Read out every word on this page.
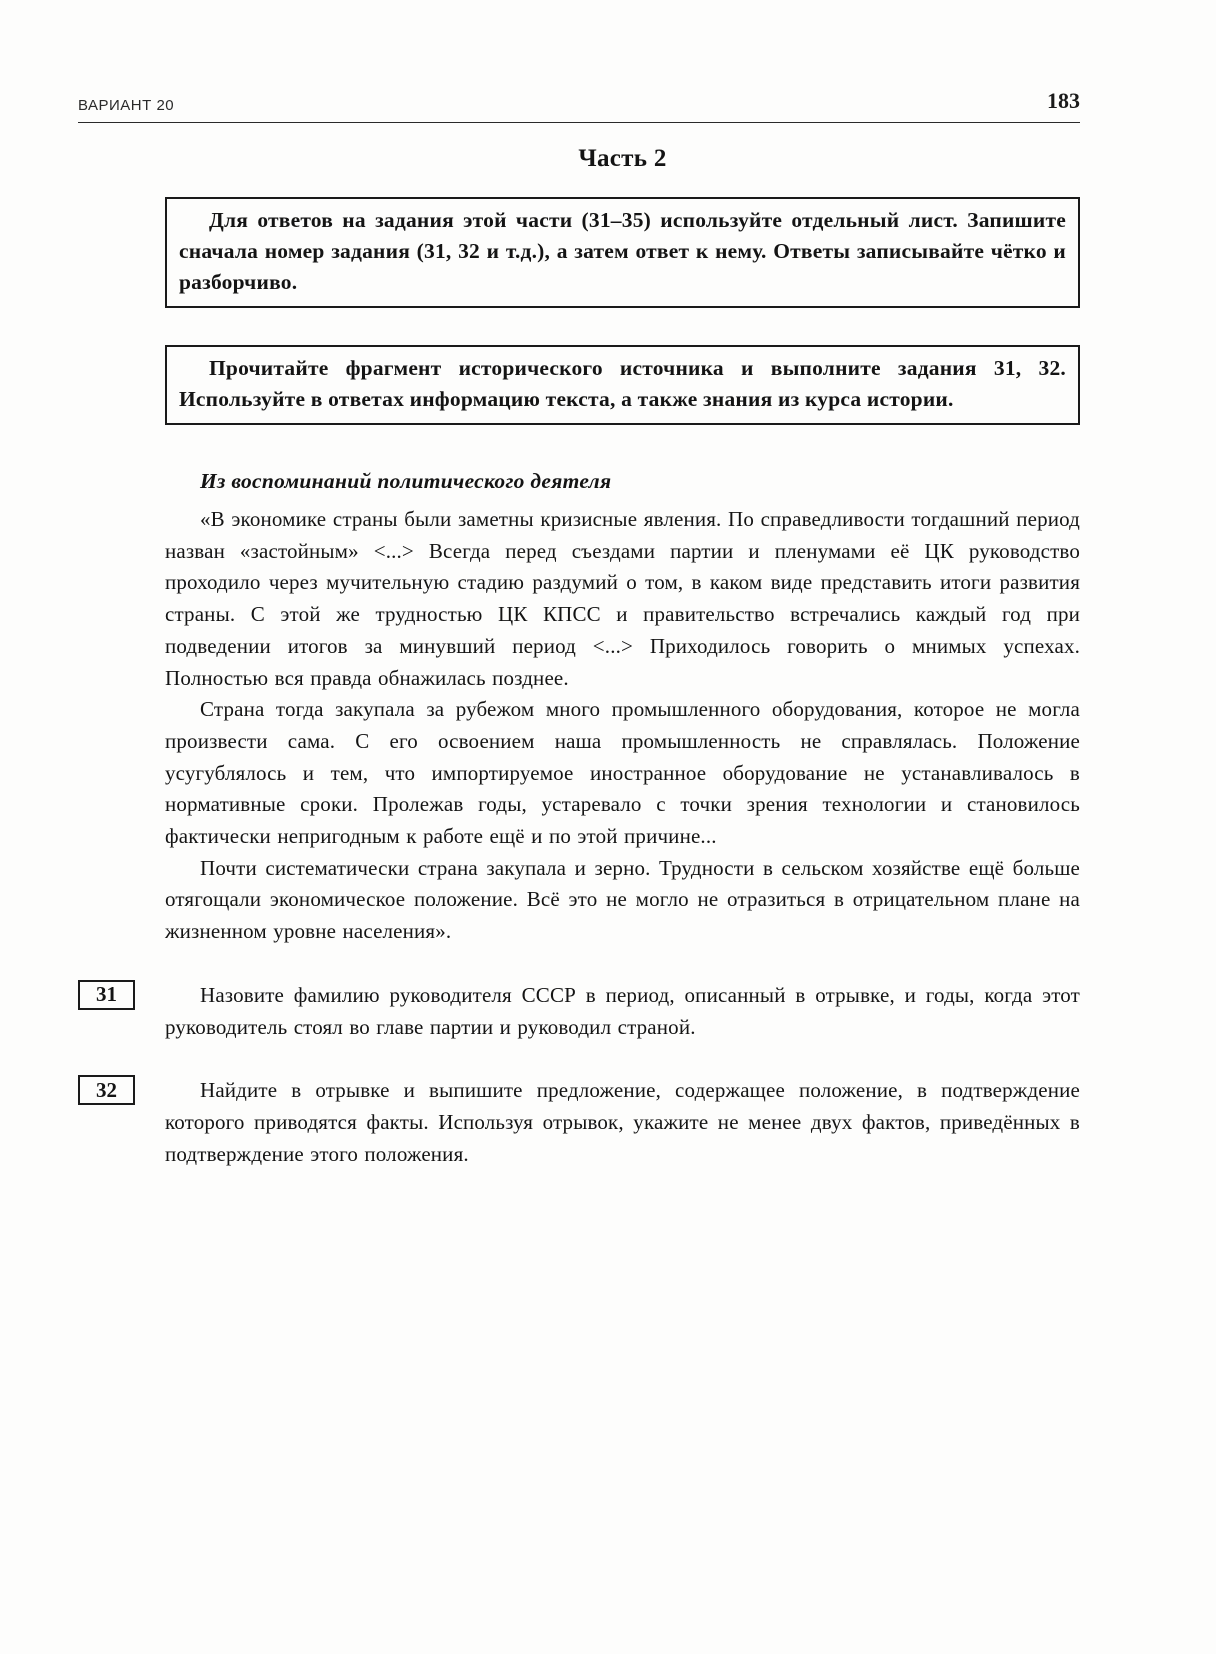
ВАРИАНТ 20	183
Часть 2

Для ответов на задания этой части (31–35) используйте отдельный лист. Запишите сначала номер задания (31, 32 и т.д.), а затем ответ к нему. Ответы записывайте чётко и разборчиво.

Прочитайте фрагмент исторического источника и выполните задания 31, 32. Используйте в ответах информацию текста, а также знания из курса истории.

Из воспоминаний политического деятеля

«В экономике страны были заметны кризисные явления. По справедливости тогдашний период назван «застойным» <...> Всегда перед съездами партии и пленумами её ЦК руководство проходило через мучительную стадию раздумий о том, в каком виде представить итоги развития страны. С этой же трудностью ЦК КПСС и правительство встречались каждый год при подведении итогов за минувший период <...> Приходилось говорить о мнимых успехах. Полностью вся правда обнажилась позднее.

Страна тогда закупала за рубежом много промышленного оборудования, которое не могла произвести сама. С его освоением наша промышленность не справлялась. Положение усугублялось и тем, что импортируемое иностранное оборудование не устанавливалось в нормативные сроки. Пролежав годы, устаревало с точки зрения технологии и становилось фактически непригодным к работе ещё и по этой причине...

Почти систематически страна закупала и зерно. Трудности в сельском хозяйстве ещё больше отягощали экономическое положение. Всё это не могло не отразиться в отрицательном плане на жизненном уровне населения».

31	Назовите фамилию руководителя СССР в период, описанный в отрывке, и годы, когда этот руководитель стоял во главе партии и руководил страной.

32	Найдите в отрывке и выпишите предложение, содержащее положение, в подтверждение которого приводятся факты. Используя отрывок, укажите не менее двух фактов, приведённых в подтверждение этого положения.
